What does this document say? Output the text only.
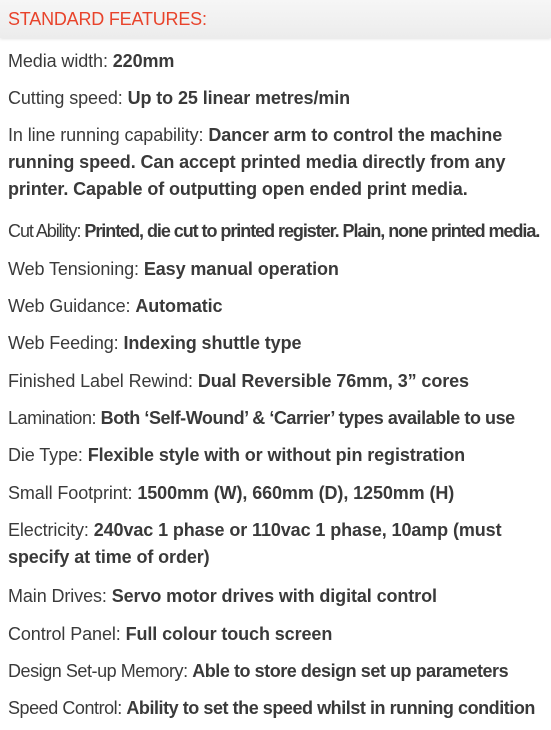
STANDARD FEATURES:
Media width: 220mm
Cutting speed: Up to 25 linear metres/min
In line running capability: Dancer arm to control the machine running speed. Can accept printed media directly from any printer. Capable of outputting open ended print media.
Cut Ability: Printed, die cut to printed register. Plain, none printed media.
Web Tensioning: Easy manual operation
Web Guidance: Automatic
Web Feeding: Indexing shuttle type
Finished Label Rewind: Dual Reversible 76mm, 3” cores
Lamination: Both ‘Self-Wound’ & ‘Carrier’ types available to use
Die Type: Flexible style with or without pin registration
Small Footprint: 1500mm (W), 660mm (D), 1250mm (H)
Electricity: 240vac 1 phase or 110vac 1 phase, 10amp (must specify at time of order)
Main Drives: Servo motor drives with digital control
Control Panel: Full colour touch screen
Design Set-up Memory: Able to store design set up parameters
Speed Control: Ability to set the speed whilst in running condition
